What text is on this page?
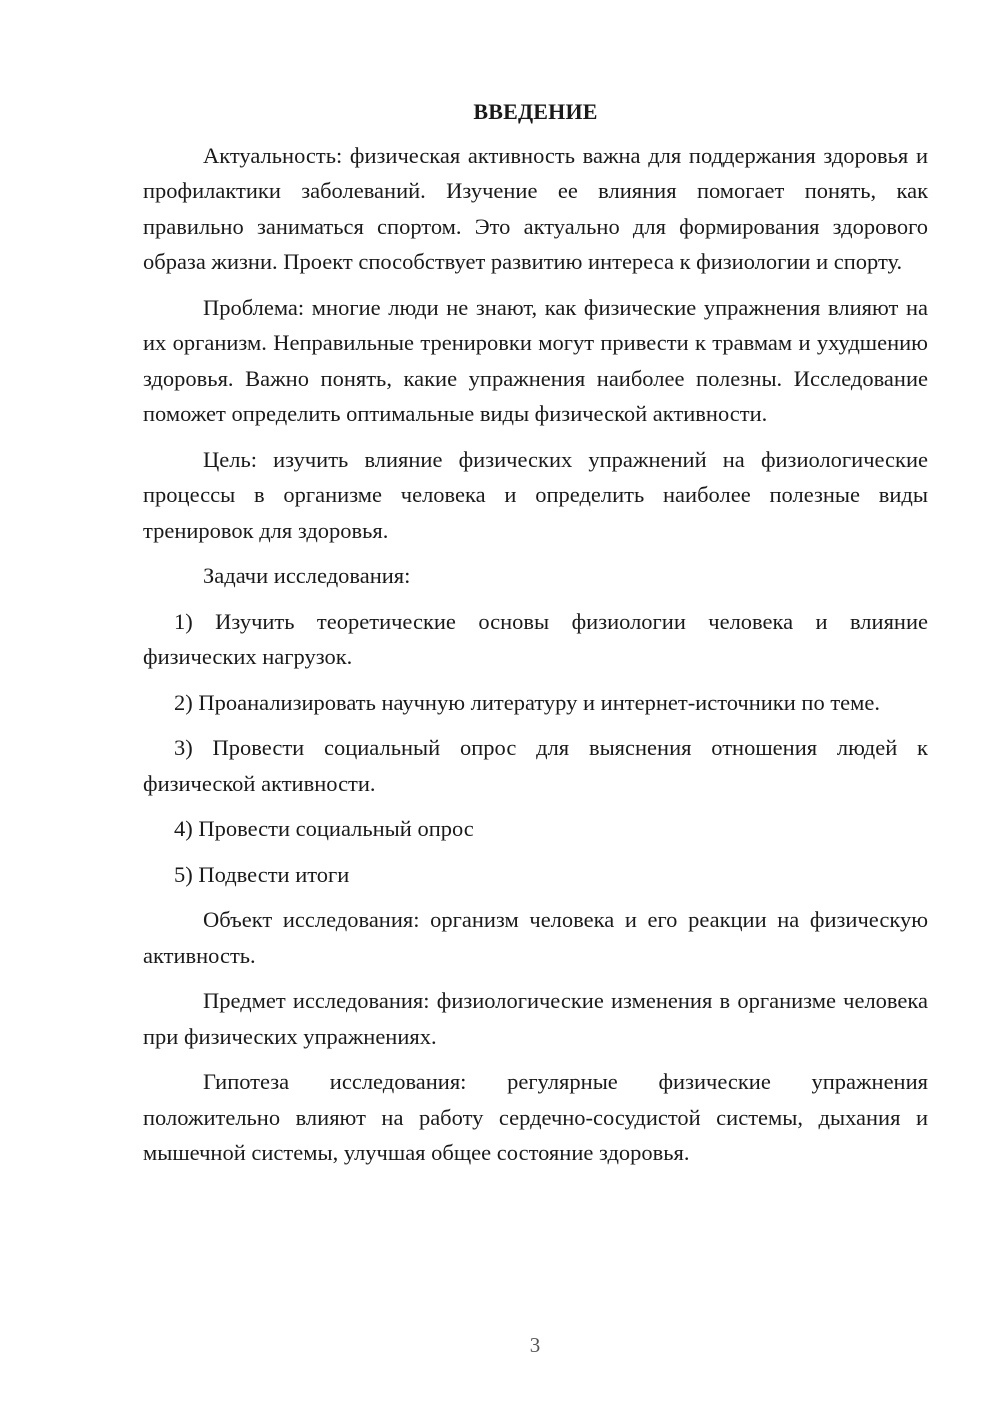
ВВЕДЕНИЕ

Актуальность: физическая активность важна для поддержания здоровья и профилактики заболеваний. Изучение ее влияния помогает понять, как правильно заниматься спортом. Это актуально для формирования здорового образа жизни. Проект способствует развитию интереса к физиологии и спорту.

Проблема: многие люди не знают, как физические упражнения влияют на их организм. Неправильные тренировки могут привести к травмам и ухудшению здоровья. Важно понять, какие упражнения наиболее полезны. Исследование поможет определить оптимальные виды физической активности.

Цель: изучить влияние физических упражнений на физиологические процессы в организме человека и определить наиболее полезные виды тренировок для здоровья.

Задачи исследования:

1) Изучить теоретические основы физиологии человека и влияние физических нагрузок.

2) Проанализировать научную литературу и интернет-источники по теме.

3) Провести социальный опрос для выяснения отношения людей к физической активности.

4) Провести социальный опрос

5) Подвести итоги

Объект исследования: организм человека и его реакции на физическую активность.

Предмет исследования: физиологические изменения в организме человека при физических упражнениях.

Гипотеза исследования: регулярные физические упражнения положительно влияют на работу сердечно-сосудистой системы, дыхания и мышечной системы, улучшая общее состояние здоровья.

3
